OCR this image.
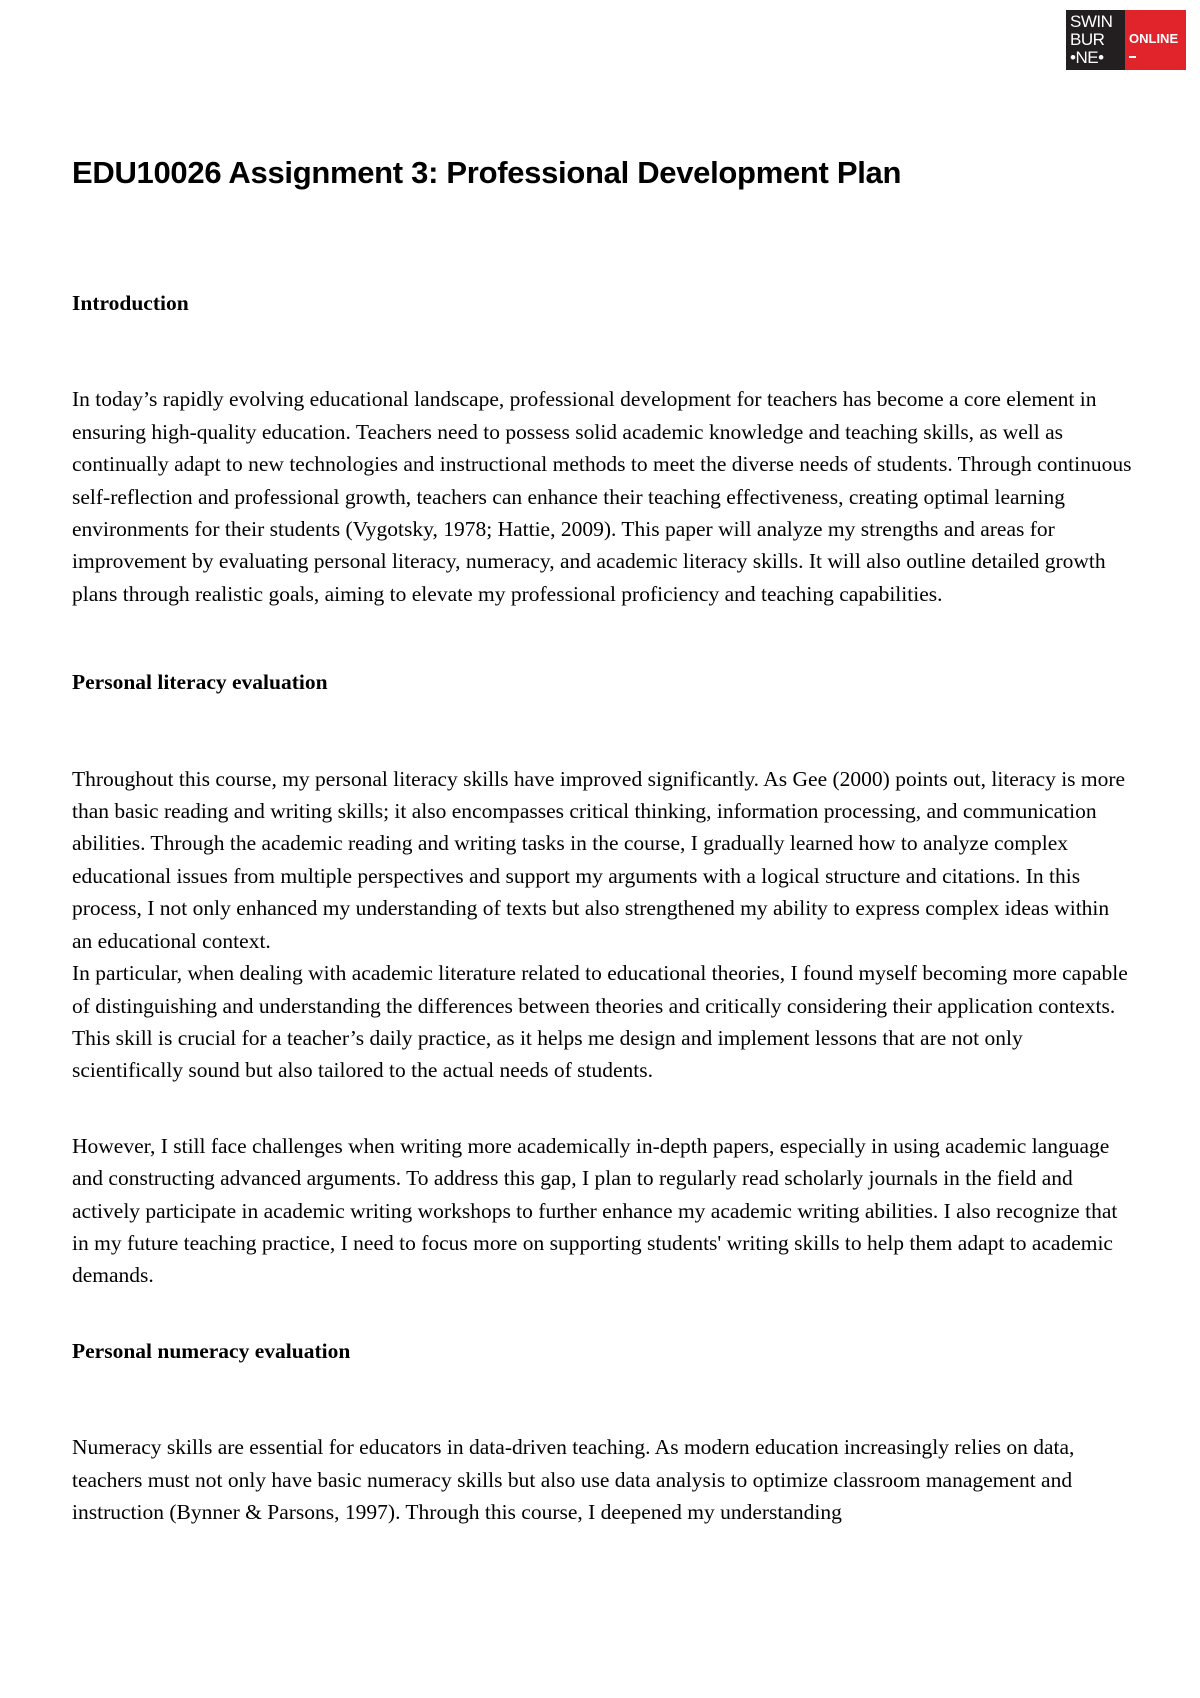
SWIN
BUR
•NE•
ONLINE
EDU10026 Assignment 3: Professional Development Plan
Introduction

In today’s rapidly evolving educational landscape, professional development for teachers has become a core element in ensuring high-quality education. Teachers need to possess solid academic knowledge and teaching skills, as well as continually adapt to new technologies and instructional methods to meet the diverse needs of students. Through continuous self-reflection and professional growth, teachers can enhance their teaching effectiveness, creating optimal learning environments for their students (Vygotsky, 1978; Hattie, 2009). This paper will analyze my strengths and areas for improvement by evaluating personal literacy, numeracy, and academic literacy skills. It will also outline detailed growth plans through realistic goals, aiming to elevate my professional proficiency and teaching capabilities.

Personal literacy evaluation

Throughout this course, my personal literacy skills have improved significantly. As Gee (2000) points out, literacy is more than basic reading and writing skills; it also encompasses critical thinking, information processing, and communication abilities. Through the academic reading and writing tasks in the course, I gradually learned how to analyze complex educational issues from multiple perspectives and support my arguments with a logical structure and citations. In this process, I not only enhanced my understanding of texts but also strengthened my ability to express complex ideas within an educational context.

In particular, when dealing with academic literature related to educational theories, I found myself becoming more capable of distinguishing and understanding the differences between theories and critically considering their application contexts. This skill is crucial for a teacher’s daily practice, as it helps me design and implement lessons that are not only scientifically sound but also tailored to the actual needs of students.

However, I still face challenges when writing more academically in-depth papers, especially in using academic language and constructing advanced arguments. To address this gap, I plan to regularly read scholarly journals in the field and actively participate in academic writing workshops to further enhance my academic writing abilities. I also recognize that in my future teaching practice, I need to focus more on supporting students' writing skills to help them adapt to academic demands.

Personal numeracy evaluation

Numeracy skills are essential for educators in data-driven teaching. As modern education increasingly relies on data, teachers must not only have basic numeracy skills but also use data analysis to optimize classroom management and instruction (Bynner & Parsons, 1997). Through this course, I deepened my understanding
